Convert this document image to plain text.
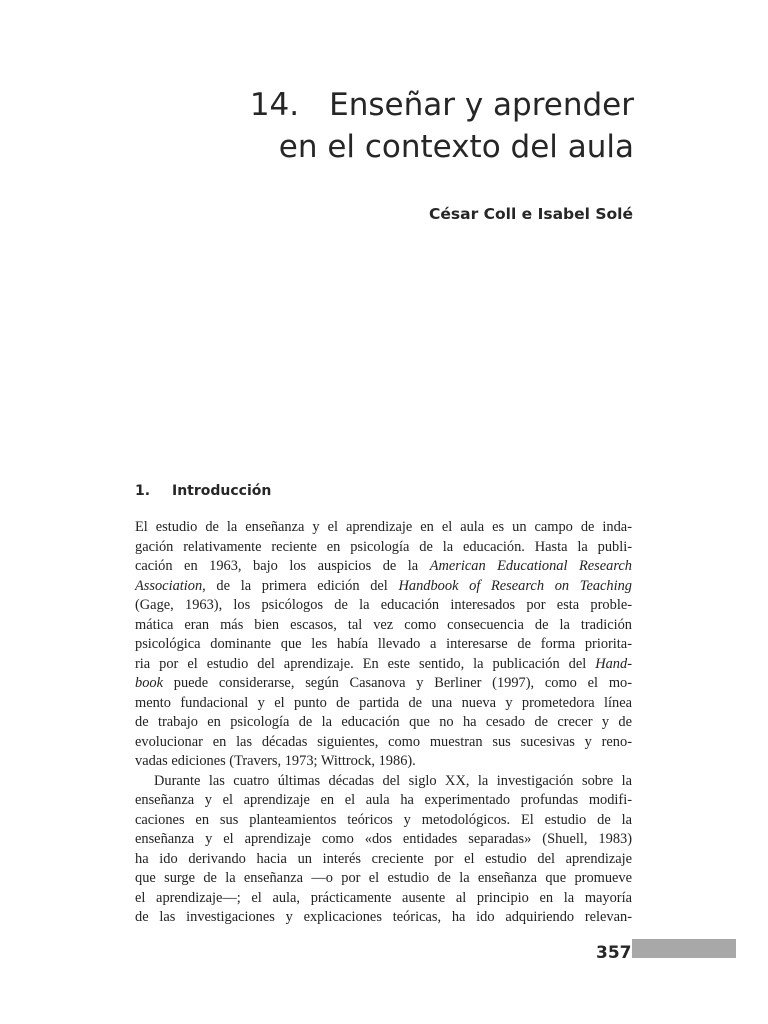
14. Enseñar y aprender
en el contexto del aula

César Coll e Isabel Solé

1. Introducción
El estudio de la enseñanza y el aprendizaje en el aula es un campo de inda-
gación relativamente reciente en psicología de la educación. Hasta la publi-
cación en 1963, bajo los auspicios de la American Educational Research
Association, de la primera edición del Handbook of Research on Teaching
(Gage, 1963), los psicólogos de la educación interesados por esta proble-
mática eran más bien escasos, tal vez como consecuencia de la tradición
psicológica dominante que les había llevado a interesarse de forma priorita-
ria por el estudio del aprendizaje. En este sentido, la publicación del Hand-
book puede considerarse, según Casanova y Berliner (1997), como el mo-
mento fundacional y el punto de partida de una nueva y prometedora línea
de trabajo en psicología de la educación que no ha cesado de crecer y de
evolucionar en las décadas siguientes, como muestran sus sucesivas y reno-
vadas ediciones (Travers, 1973; Wittrock, 1986).
Durante las cuatro últimas décadas del siglo XX, la investigación sobre la
enseñanza y el aprendizaje en el aula ha experimentado profundas modifi-
caciones en sus planteamientos teóricos y metodológicos. El estudio de la
enseñanza y el aprendizaje como «dos entidades separadas» (Shuell, 1983)
ha ido derivando hacia un interés creciente por el estudio del aprendizaje
que surge de la enseñanza —o por el estudio de la enseñanza que promueve
el aprendizaje—; el aula, prácticamente ausente al principio en la mayoría
de las investigaciones y explicaciones teóricas, ha ido adquiriendo relevan-

357
